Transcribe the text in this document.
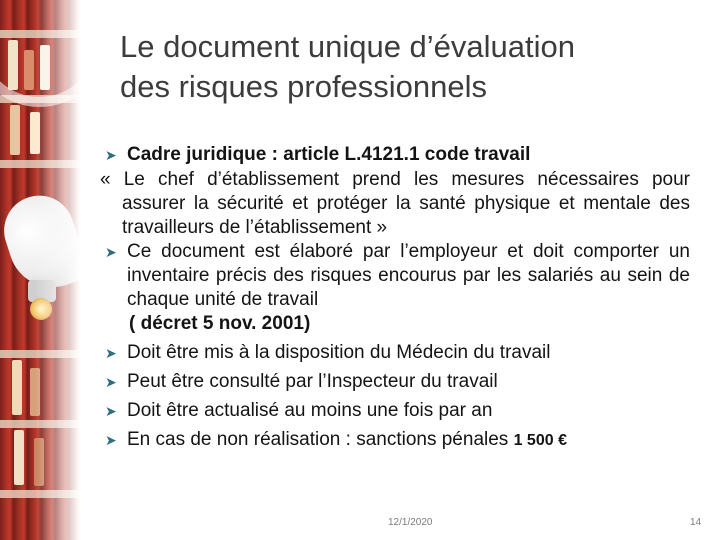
Le document unique d’évaluation
des risques professionnels

➤ Cadre juridique : article L.4121.1 code travail

« Le chef d’établissement prend les mesures nécessaires pour assurer la sécurité et protéger la santé physique et mentale des travailleurs de l’établissement »

➤ Ce document est élaboré par l’employeur et doit comporter un inventaire précis des risques encourus par les salariés au sein de chaque unité de travail

( décret 5 nov. 2001)

➤ Doit être mis à la disposition du Médecin du travail

➤ Peut être consulté par l’Inspecteur du travail

➤ Doit être actualisé au moins une fois par an

➤ En cas de non réalisation : sanctions pénales 1 500 €

12/1/2020	14
